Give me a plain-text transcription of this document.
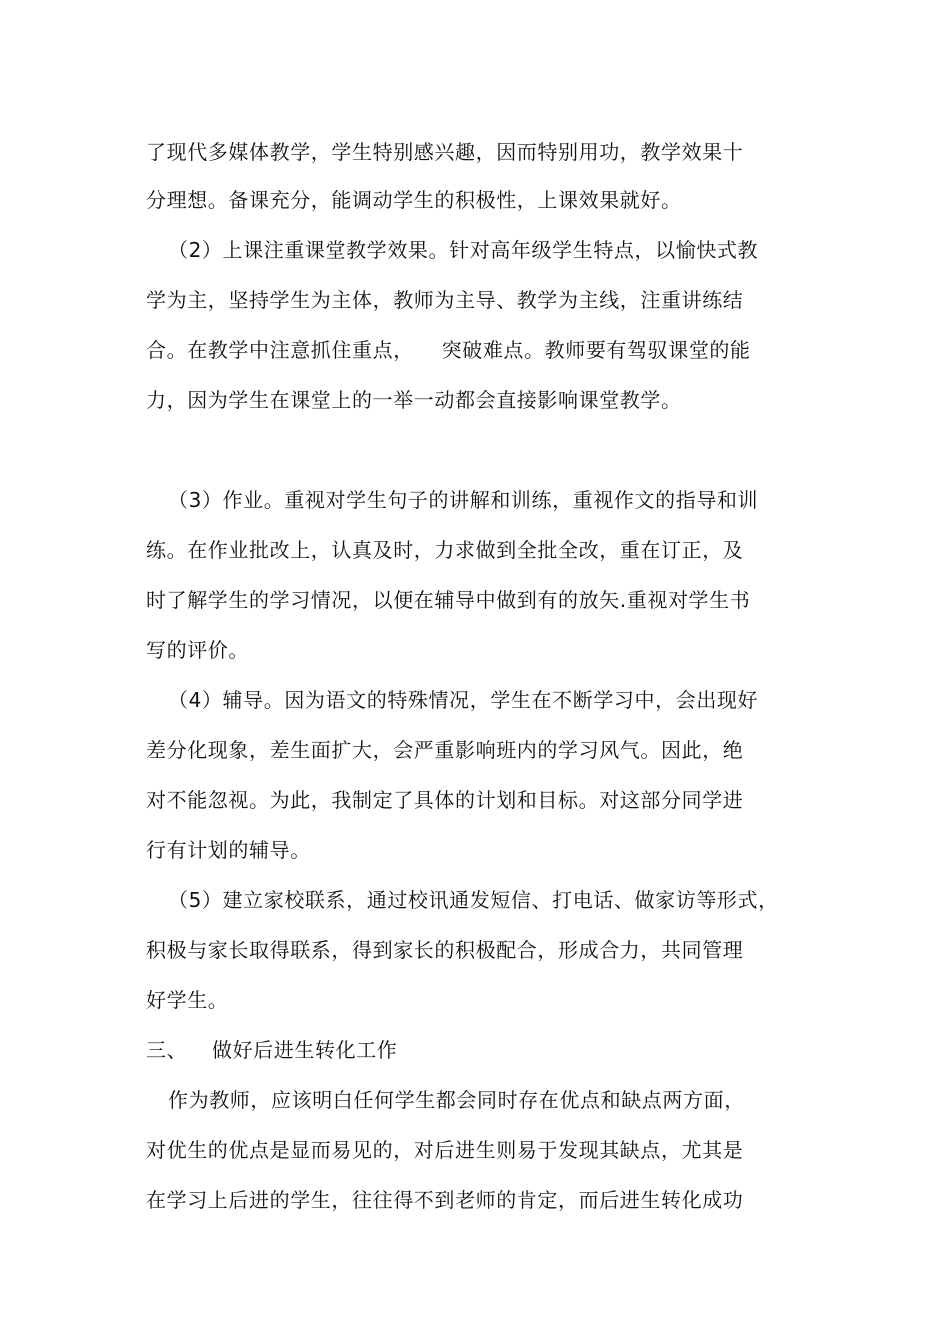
了现代多媒体教学，学生特别感兴趣，因而特别用功，教学效果十
分理想。备课充分，能调动学生的积极性，上课效果就好。
（2）上课注重课堂教学效果。针对高年级学生特点，以愉快式教
学为主，坚持学生为主体，教师为主导、教学为主线，注重讲练结
合。在教学中注意抓住重点，    突破难点。教师要有驾驭课堂的能
力，因为学生在课堂上的一举一动都会直接影响课堂教学。
（3）作业。重视对学生句子的讲解和训练，重视作文的指导和训
练。在作业批改上，认真及时，力求做到全批全改，重在订正，及
时了解学生的学习情况，以便在辅导中做到有的放矢.重视对学生书
写的评价。
（4）辅导。因为语文的特殊情况，学生在不断学习中，会出现好
差分化现象，差生面扩大，会严重影响班内的学习风气。因此，绝
对不能忽视。为此，我制定了具体的计划和目标。对这部分同学进
行有计划的辅导。
（5）建立家校联系，通过校讯通发短信、打电话、做家访等形式，
积极与家长取得联系，得到家长的积极配合，形成合力，共同管理
好学生。
三、 做好后进生转化工作
作为教师，应该明白任何学生都会同时存在优点和缺点两方面，
对优生的优点是显而易见的，对后进生则易于发现其缺点，尤其是
在学习上后进的学生，往往得不到老师的肯定，而后进生转化成功
